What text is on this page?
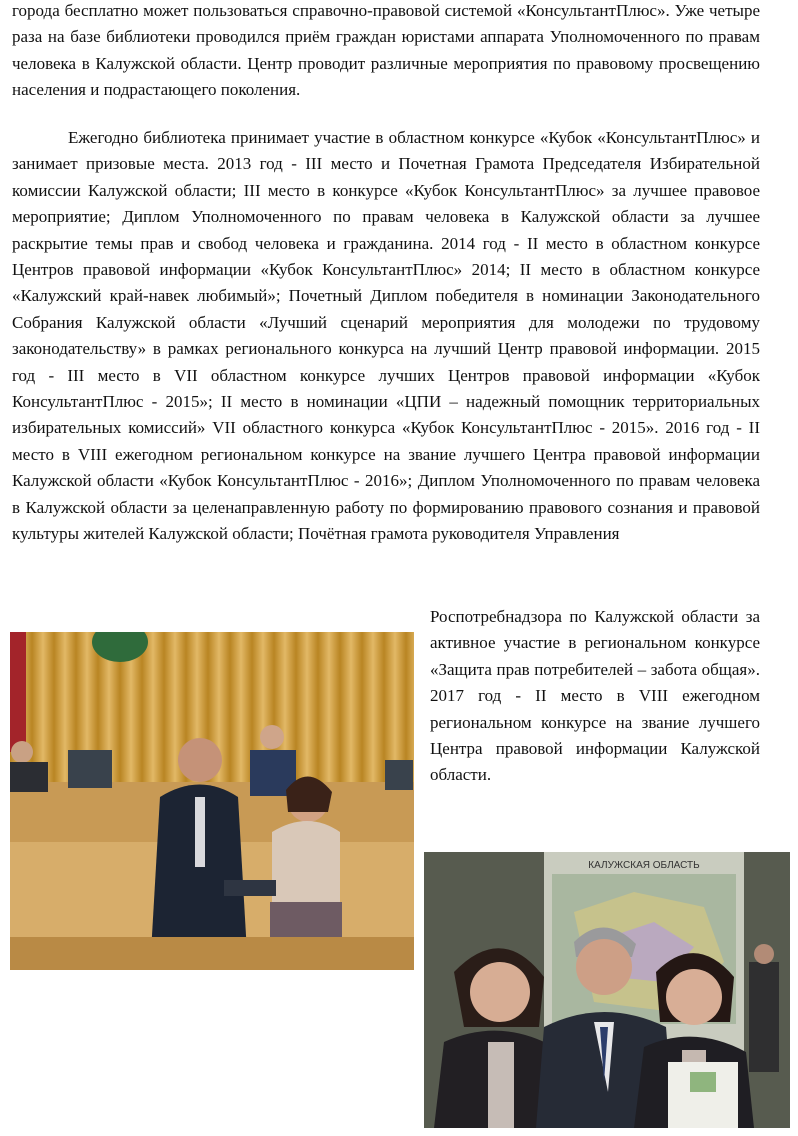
города бесплатно может пользоваться справочно-правовой системой «КонсультантПлюс». Уже четыре раза на базе библиотеки проводился приём граждан юристами аппарата Уполномоченного по правам человека в Калужской области. Центр проводит различные мероприятия по правовому просвещению населения и подрастающего поколения.

Ежегодно библиотека принимает участие в областном конкурсе «Кубок «КонсультантПлюс» и занимает призовые места. 2013 год - III место и Почетная Грамота Председателя Избирательной комиссии Калужской области; III место в конкурсе «Кубок КонсультантПлюс» за лучшее правовое мероприятие; Диплом Уполномоченного по правам человека в Калужской области за лучшее раскрытие темы прав и свобод человека и гражданина. 2014 год - II место в областном конкурсе Центров правовой информации «Кубок КонсультантПлюс» 2014; II место в областном конкурсе «Калужский край-навек любимый»; Почетный Диплом победителя в номинации Законодательного Собрания Калужской области «Лучший сценарий мероприятия для молодежи по трудовому законодательству» в рамках регионального конкурса на лучший Центр правовой информации. 2015 год - III место в VII областном конкурсе лучших Центров правовой информации «Кубок КонсультантПлюс - 2015»; II место в номинации «ЦПИ – надежный помощник территориальных избирательных комиссий» VII областного конкурса «Кубок КонсультантПлюс - 2015». 2016 год - II место в VIII ежегодном региональном конкурсе на звание лучшего Центра правовой информации Калужской области «Кубок КонсультантПлюс - 2016»; Диплом Уполномоченного по правам человека в Калужской области за целенаправленную работу по формированию правового сознания и правовой культуры жителей Калужской области; Почётная грамота руководителя Управления

Роспотребнадзора по Калужской области за активное участие в региональном конкурсе «Защита прав потребителей – забота общая». 2017 год - II место в VIII ежегодном региональном конкурсе на звание лучшего Центра правовой информации Калужской области.

КАЛУЖСКАЯ ОБЛАСТЬ
